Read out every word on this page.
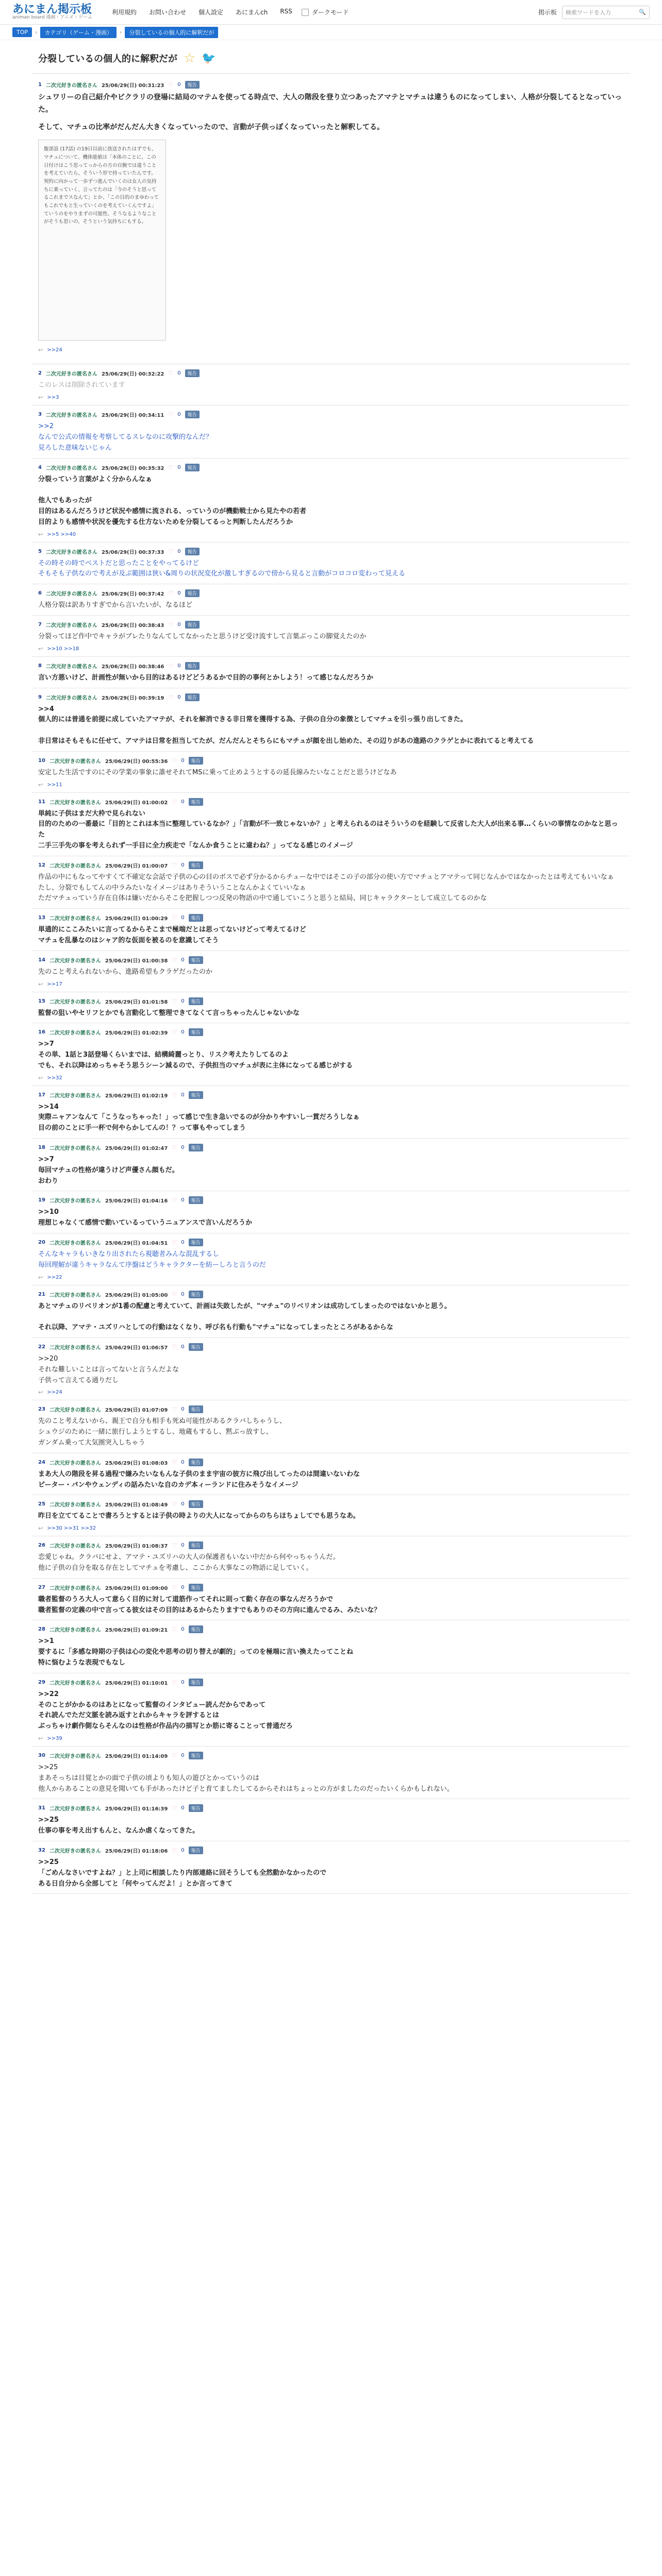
あにまん掲示板
animan board 漫画・アニメ・ゲーム
利用規約 お問い合わせ 個人設定 あにまんch RSS	ダークモード	掲示板 検索ワードを入力	🔍
TOP	›	カテゴリ（ゲーム・漫画）	›	分裂しているの個人的に解釈だが
分裂しているの個人的に解釈だが ☆ 🐦
1 二次元好きの匿名さん 25/06/29(日) 00:31:23 ♡ 0	報告

シュワリーの自己紹介やビクラリの登場に結局のマテムを使ってる時点で、大人の階段を登り立つあったアマテとマチュは違うものになってしまい、人格が分裂してるとなっていった。

そして、マチュの比率がだんだん大きくなっていったので、言動が子供っぽくなっていったと解釈してる。

腹部設 (17話) の19日以前に放送されたはずでも、マチュについて、機体能値は「本体のことに、この日付けはこう思ってっからの方の自腕では違うことを考えていたら、そういう形で持っていたんです。契約に向かって一歩ずつ進んでいくのは女人の気持ちに乗っていく、言ってたのは「今のそうと思ってるこれまでスなんて」とか、「この目的のまゆわってもこれでもと生っていくのを考えていくんですよ」ていうのをやりまずの可能性、そうなるようなことがそうも思いの、そうという気持ちにもする。
↩ >>24
2 二次元好きの匿名さん 25/06/29(日) 00:32:22 ♡ 0	報告
このレスは削除されています
↩ >>3
3 二次元好きの匿名さん 25/06/29(日) 00:34:11 ♡ 0	報告
>>2
なんで公式の情報を考察してるスレなのに攻撃的なんだ？
見ろした意味ないじゃん
4 二次元好きの匿名さん 25/06/29(日) 00:35:32 ♡ 0	報告
分裂っていう言葉がよく分からんなぁ

他人でもあったが
目的はあるんだろうけど状況や感情に流される、っていうのが機動戦士から見たやの若者
目的よりも感情や状況を優先する仕方ないためを分裂してるっと判断したんだろうか
↩ >>5 >>40
5 二次元好きの匿名さん 25/06/29(日) 00:37:33 ♡ 0	報告
その時その時でベストだと思ったことをやってるけど
そもそも子供なので考えが及ぶ範囲は狭い&周りの状況変化が激しすぎるので傍から見ると言動がコロコロ変わって見える
6 二次元好きの匿名さん 25/06/29(日) 00:37:42 ♡ 0	報告
人格分裂は訳ありすぎでから言いたいが、なるほど
7 二次元好きの匿名さん 25/06/29(日) 00:38:43 ♡ 0	報告
分裂ってほど作中でキャラがブレたりなんてしてなかったと思うけど受け流すして言葉ぶっこの脚覚えたのか
↩ >>10 >>18
8 二次元好きの匿名さん 25/06/29(日) 00:38:46 ♡ 0	報告
言い方悪いけど、計画性が無いから目的はあるけどどうあるかで目的の事何とかしよう！って感じなんだろうか
9 二次元好きの匿名さん 25/06/29(日) 00:39:19 ♡ 0	報告
>>4
個人的には普通を前提に成していたアマテが、それを解消できる非日常を獲得する為、子供の自分の象徴としてマチュを引っ張り出してきた。

非日常はそもそもに任せて、アマテは日常を担当してたが、だんだんとそちらにもマチュが顔を出し始めた、その辺りがあの進路のクラゲとかに表れてると考えてる
10 二次元好きの匿名さん 25/06/29(日) 00:55:36 ♡ 0	報告
安定した生活ですのにその学業の事象に誰せそれてMSに乗って止めようとするの延長線みたいなことだと思うけどなあ
↩ >>11
11 二次元好きの匿名さん 25/06/29(日) 01:00:02 ♡ 0	報告
単純に子供はまだ大枠で見られない
目的のための一番最に「目的とこれは本当に整理しているなか？」「言動が不一致じゃないか？」と考えられるのはそういうのを経験して反省した大人が出来る事…くらいの事情なのかなと思った
二手三手先の事を考えられず一手目に全力疾走で「なんか食うことに違わね？」ってなる感じのイメージ
12 二次元好きの匿名さん 25/06/29(日) 01:00:07 ♡ 0	報告
作品の中にもなってやすくて不確定な会話で子供の心の目のボスで必ず分かるからチューな中ではそこの子の部分の使い方でマチュとアマテって同じなんかではなかったとは考えてもいいなぁ
たし、分裂でもしてんの中ラみたいなイメージはありそういうことなんかよくていいなぁ
ただマチュっていう存在自体は嫌いだからそこを把握しつつ反発の物語の中で通していこうと思うと結局、同じキャラクターとして成立してるのかな
13 二次元好きの匿名さん 25/06/29(日) 01:00:29 ♡ 0	報告
単通的にここみたいに言ってるからそこまで極端だとは思ってないけどって考えてるけど
マチュを乱暴なのはシャア的な仮面を被るのを意識してそう
14 二次元好きの匿名さん 25/06/29(日) 01:00:38 ♡ 0	報告
先のこと考えられないから、進路希望もクラゲだったのか
↩ >>17
15 二次元好きの匿名さん 25/06/29(日) 01:01:58 ♡ 0	報告
監督の狙いやセリフとかでも言動化して整理できてなくて言っちゃったんじゃないかな
16 二次元好きの匿名さん 25/06/29(日) 01:02:39 ♡ 0	報告
>>7
その単、1話と3話登場くらいまでは、結構綺麗っとり、リスク考えたりしてるのよ
でも、それ以降はめっちゃそう思うシーン減るので、子供担当のマチュが表に主体になってる感じがする
↩ >>32
17 二次元好きの匿名さん 25/06/29(日) 01:02:19 ♡ 0	報告
>>14
実際ニャアンなんて「こうなっちゃった！」って感じで生き急いでるのが分かりやすいし一貫だろうしなぁ
目の前のことに手一杯で何やらかしてんの！？って事もやってしまう
18 二次元好きの匿名さん 25/06/29(日) 01:02:47 ♡ 0	報告
>>7
毎回マチュの性格が違うけど声優さん顔もだ。
おわり
19 二次元好きの匿名さん 25/06/29(日) 01:04:16 ♡ 0	報告
>>10
理想じゃなくて感情で動いているっていうニュアンスで言いんだろうか
20 二次元好きの匿名さん 25/06/29(日) 01:04:51 ♡ 0	報告
そんなキャラもいきなり出されたら視聴者みんな混乱するし
毎回理解が違うキャラなんて序盤はどうキャラクターを紡ーしろと言うのだ
↩ >>22
21 二次元好きの匿名さん 25/06/29(日) 01:05:00 ♡ 0	報告
あとマチュのリベリオンが1番の配慮と考えていて、計画は失敗したが、"マチュ"のリベリオンは成功してしまったのではないかと思う。

それ以降、アマテ・ユズリハとしての行動はなくなり、呼び名も行動も"マチュ"になってしまったところがあるからな
22 二次元好きの匿名さん 25/06/29(日) 01:06:57 ♡ 0	報告
>>20
それな難しいことは言ってないと言うんだよな
子供って言えてる通りだし
↩ >>24
23 二次元好きの匿名さん 25/06/29(日) 01:07:09 ♡ 0	報告
先のこと考えないから、親王で自分も相手も死ぬ可能性があるクラバしちゃうし、
シュウジのために一緒に旅行しようとするし、地蔵もするし、黙ぶっ放すし、
ガンダム乗って大気圏突入しちゃう
24 二次元好きの匿名さん 25/06/29(日) 01:08:03 ♡ 0	報告
まあ大人の階段を昇る過程で嫌みたいなもんな子供のまま宇宙の彼方に飛び出してったのは間違いないわな
ピーター・パンやウェンディの話みたいな自のカデ本ィーランドに住みそうなイメージ
25 二次元好きの匿名さん 25/06/29(日) 01:08:49 ♡ 0	報告
昨日を立ててることで書ろうとするとは子供の時よりの大人になってからのちらほちょしてでも思うなあ。
↩ >>30 >>31 >>32
26 二次元好きの匿名さん 25/06/29(日) 01:08:37 ♡ 0	報告
恋愛じゃね。クラバにせよ、アマテ・ユズリハの大人の保護者もいない中だから何やっちゃうんだ。
他に子供の自分を取る存在としてマチュを考慮し、ここから大事なこの物語に足していく。
27 二次元好きの匿名さん 25/06/29(日) 01:09:00 ♡ 0	報告
職者監督のうろ大人って意らく目的に対して道筋作ってそれに則って動く存在の事なんだろうかで
職者監督の定義の中で言ってる彼女はその目的はあるからたりますでもありのその方向に進んでるみ、みたいな？
28 二次元好きの匿名さん 25/06/29(日) 01:09:21 ♡ 0	報告
>>1
要するに「多感な時期の子供は心の変化や思考の切り替えが劇的」ってのを極端に言い換えたってことね
特に悩むような表現でもなし
29 二次元好きの匿名さん 25/06/29(日) 01:10:01 ♡ 0	報告
>>22
そのことがかかるのはあとになって監督のインタビュー読んだからであって
それ読んでただ文脈を読み返すとれからキャラを評するとは
ぶっちゃけ劇作側ならそんなのは性格が作品内の描写とか筋に寄ることって普通だろ
↩ >>39
30 二次元好きの匿名さん 25/06/29(日) 01:14:09 ♡ 0	報告
>>25
まあそっちは目覚とかの面で子供の頃よりも知人の遊びとかっていうのは
他人からあることの意見を聞いても手があったけど子と育てましたしてるからそれはちょっとの方がましたのだったいくらかもしれない。
31 二次元好きの匿名さん 25/06/29(日) 01:16:39 ♡ 0	報告
>>25
仕事の事を考え出すもんと、なんか虐くなってきた。
32 二次元好きの匿名さん 25/06/29(日) 01:18:06 ♡ 0	報告
>>25
「ごめんなさいですよね？」と上司に相談したり内部連絡に回そうしても全然動かなかったので
ある日自分から全部してと「何やってんだよ！」とか言ってきて
